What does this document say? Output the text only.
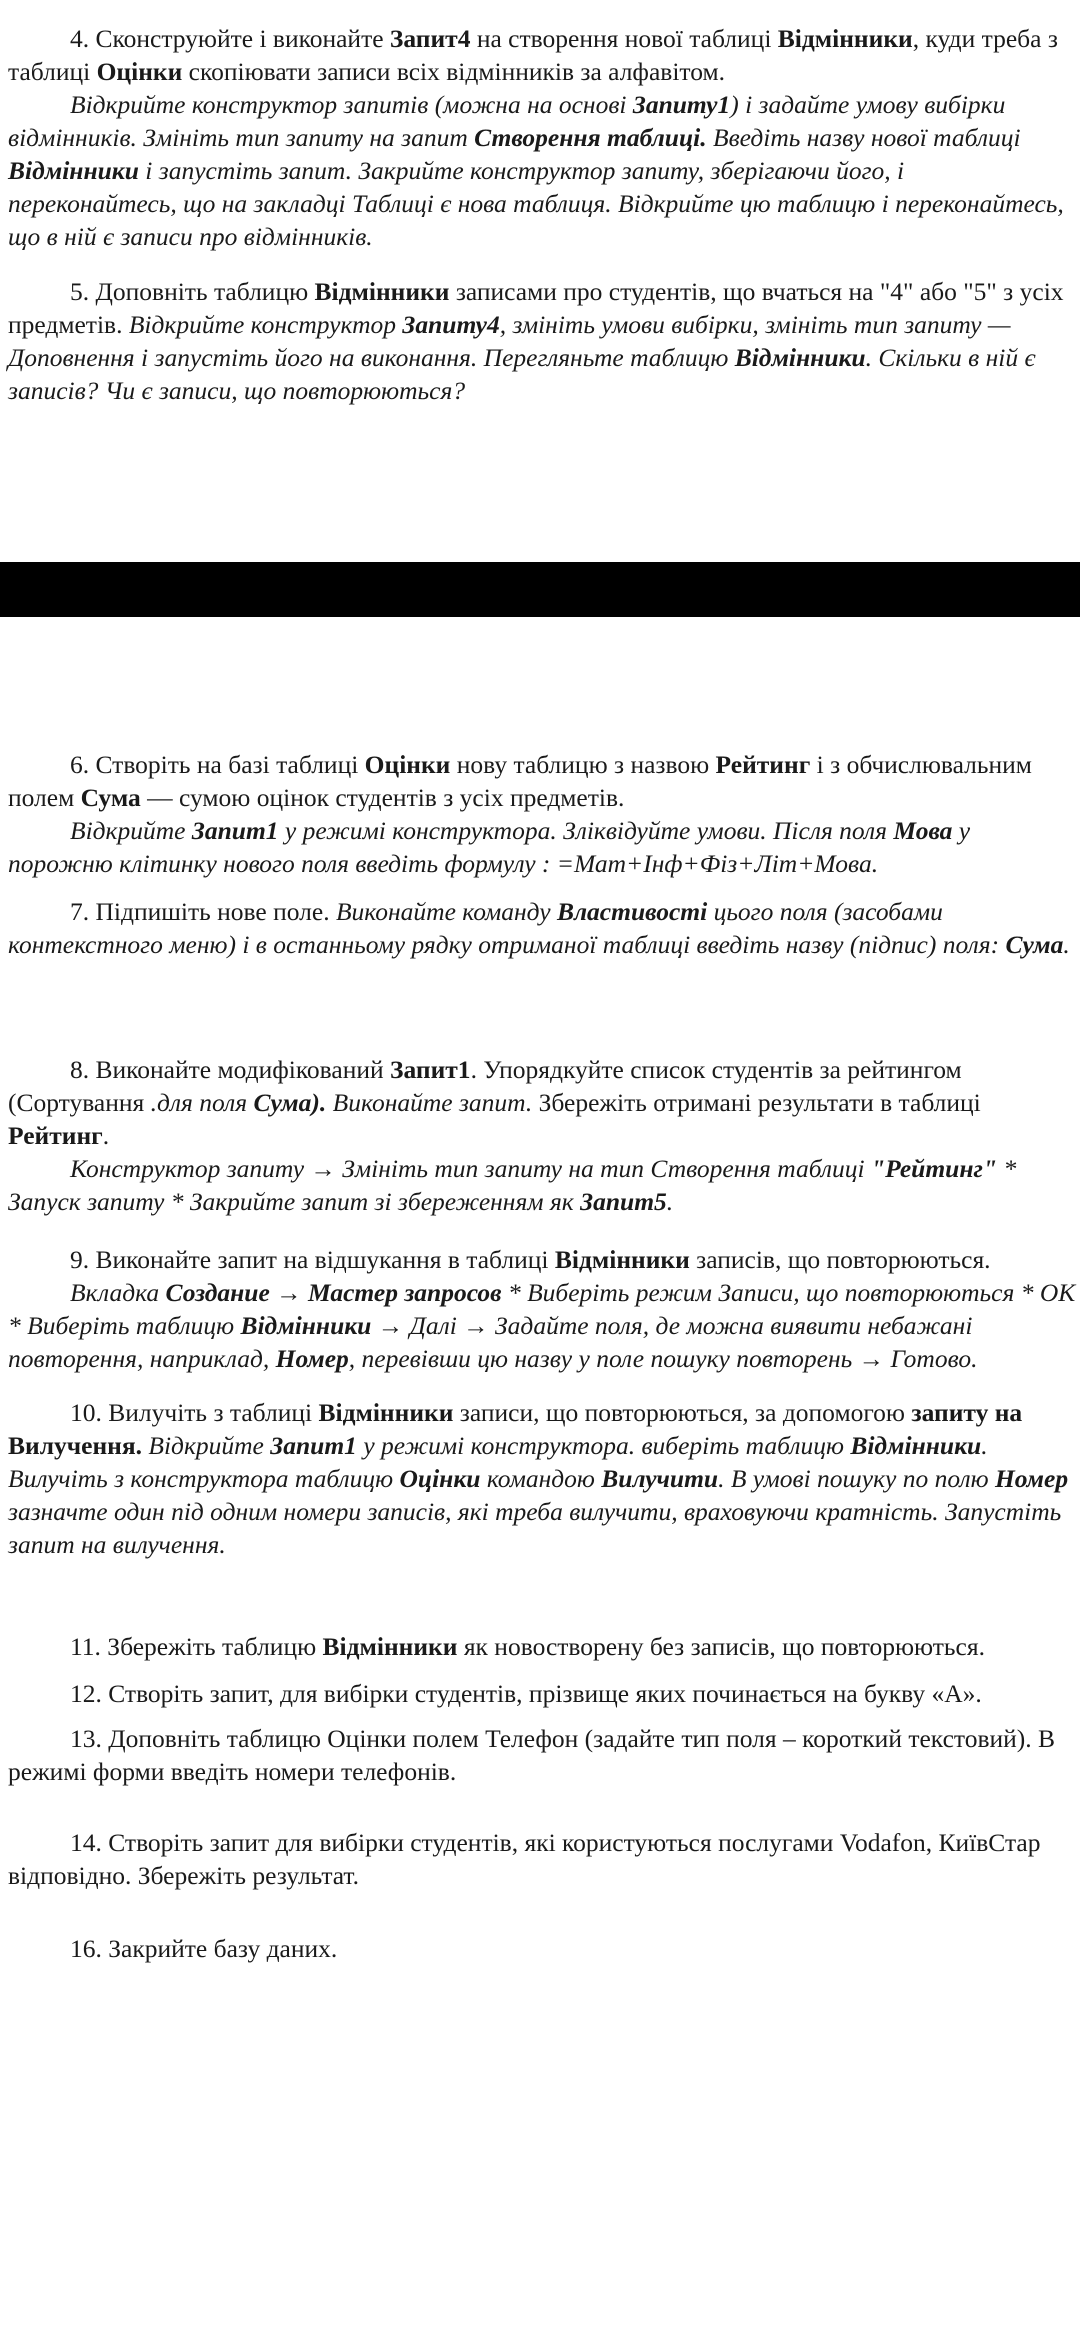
4. Сконструюйте і виконайте Запит4 на створення нової таблиці Відмінники, куди треба з таблиці Оцінки скопіювати записи всіх відмінників за алфавітом.

Відкрийте конструктор запитів (можна на основі Запиту1) і задайте умову вибірки відмінників. Змініть тип запиту на запит Створення таблиці. Введіть назву нової таблиці Відмінники і запустіть запит. Закрийте конструктор запиту, зберігаючи його, і переконайтесь, що на закладці Таблиці є нова таблиця. Відкрийте цю таблицю і переконайтесь, що в ній є записи про відмінників.

5. Доповніть таблицю Відмінники записами про студентів, що вчаться на "4" або "5" з усіх предметів. Відкрийте конструктор Запиту4, змініть умови вибірки, змініть тип запиту — Доповнення і запустіть його на виконання. Перегляньте таблицю Відмінники. Скільки в ній є записів? Чи є записи, що повторюються?

6. Створіть на базі таблиці Оцінки нову таблицю з назвою Рейтинг і з обчислювальним полем Сума — сумою оцінок студентів з усіх предметів.

Відкрийте Запит1 у режимі конструктора. Зліквідуйте умови. Після поля Мова у порожню клітинку нового поля введіть формулу : =Мат+Інф+Фіз+Літ+Мова.

7. Підпишіть нове поле. Виконайте команду Властивості цього поля (засобами контекстного меню) і в останньому рядку отриманої таблиці введіть назву (підпис) поля: Сума.

8. Виконайте модифікований Запит1. Упорядкуйте список студентів за рейтингом (Сортування .для поля Сума). Виконайте запит. Збережіть отримані результати в таблиці Рейтинг.

Конструктор запиту → Змініть тип запиту на тип Створення таблиці "Рейтинг" * Запуск запиту * Закрийте запит зі збереженням як Запит5.

9. Виконайте запит на відшукання в таблиці Відмінники записів, що повторюються.

Вкладка Создание → Мастер запросов * Виберіть режим Записи, що повторюються * ОК * Виберіть таблицю Відмінники → Далі → Задайте поля, де можна виявити небажані повторення, наприклад, Номер, перевівши цю назву у поле пошуку повторень → Готово.

10. Вилучіть з таблиці Відмінники записи, що повторюються, за допомогою запиту на Вилучення. Відкрийте Запит1 у режимі конструктора. виберіть таблицю Відмінники. Вилучіть з конструктора таблицю Оцінки командою Вилучити. В умові пошуку по полю Номер зазначте один під одним номери записів, які треба вилучити, враховуючи кратність. Запустіть запит на вилучення.

11. Збережіть таблицю Відмінники як новостворену без записів, що повторюються.

12. Створіть запит, для вибірки студентів, прізвище яких починається на букву «А».

13. Доповніть таблицю Оцінки полем Телефон (задайте тип поля – короткий текстовий). В режимі форми введіть номери телефонів.

14. Створіть запит для вибірки студентів, які користуються послугами Vodafon, КиївСтар відповідно. Збережіть результат.

16. Закрийте базу даних.
